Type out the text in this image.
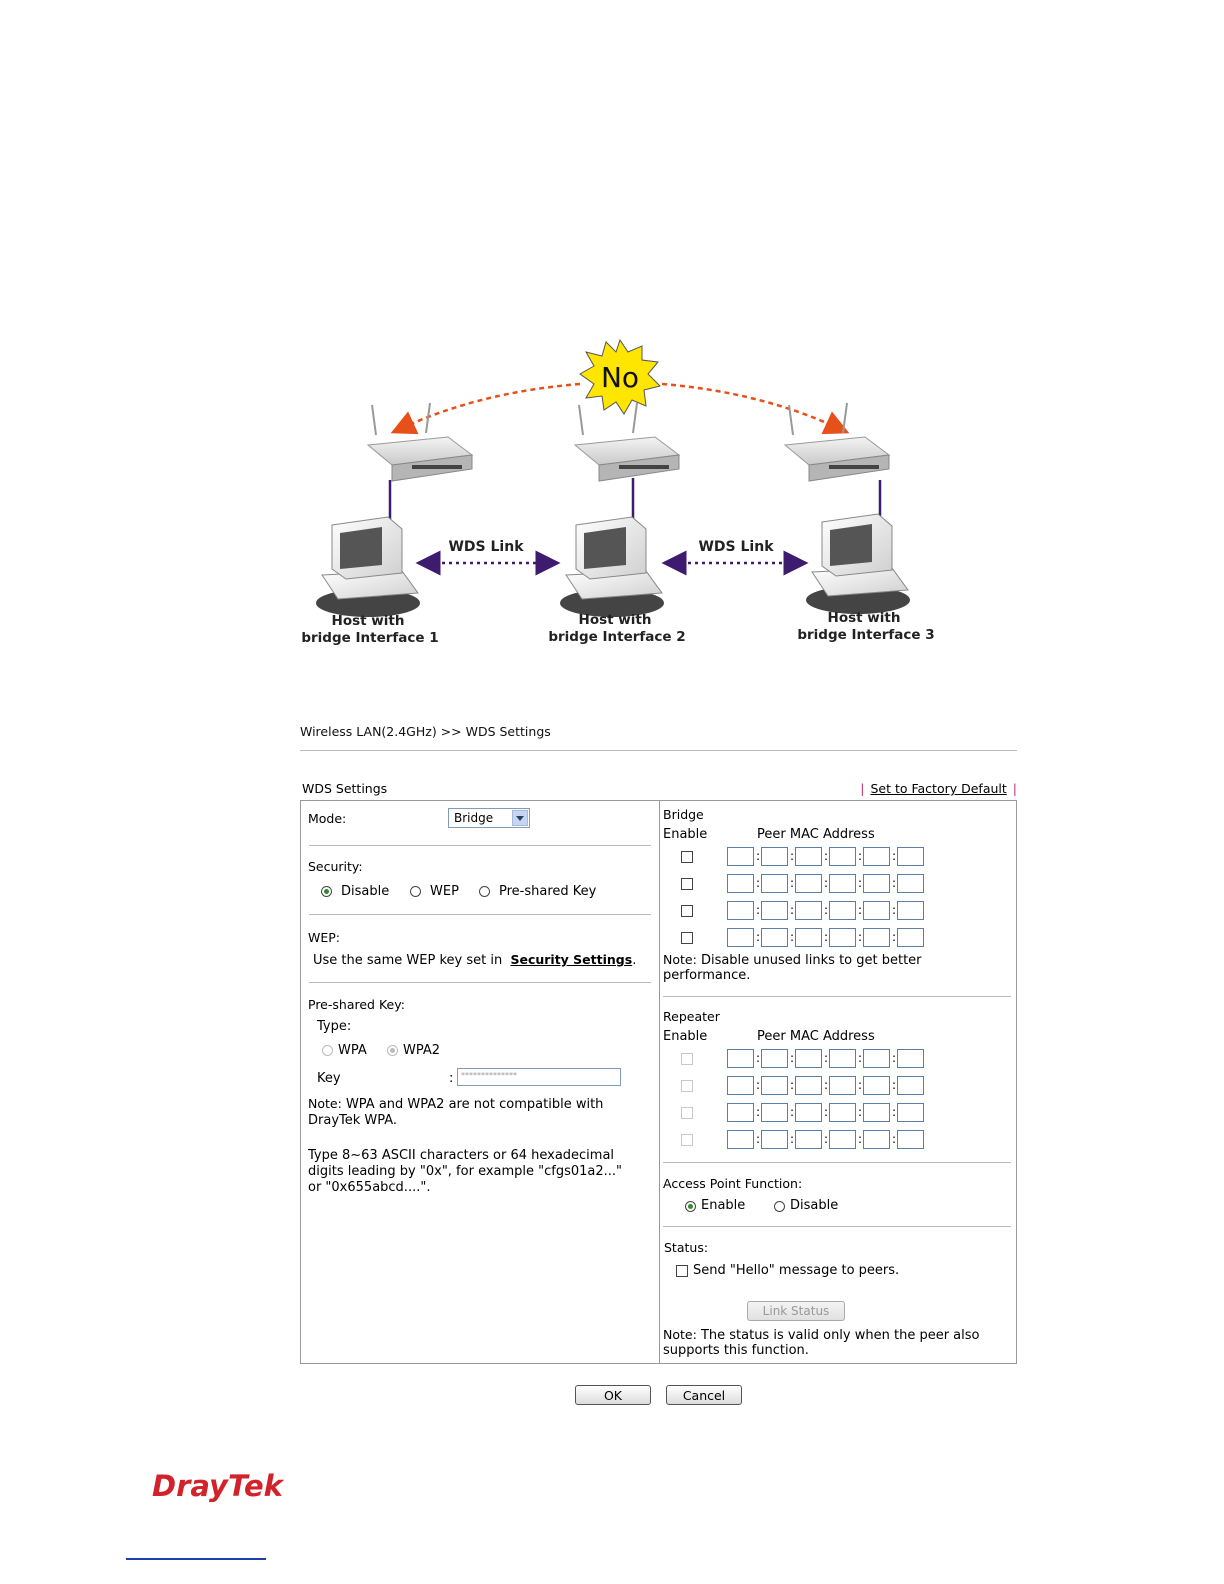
No
WDS Link	WDS Link
Host with
bridge Interface 1
Host with
bridge Interface 2
Host with
bridge Interface 3
Wireless LAN(2.4GHz) >> WDS Settings
WDS Settings	| Set to Factory Default |
Mode:	Bridge
Security:
Disable	WEP	Pre-shared Key
WEP:
Use the same WEP key set in Security Settings.
Pre-shared Key:
Type:
WPA	WPA2
Key	: **************
Note: WPA and WPA2 are not compatible with
DrayTek WPA.
Type 8~63 ASCII characters or 64 hexadecimal
digits leading by "0x", for example "cfgs01a2..."
or "0x655abcd....".
Bridge
Enable	Peer MAC Address
: : : : :
: : : : :
: : : : :
: : : : :
Note: Disable unused links to get better
performance.
Repeater
Enable	Peer MAC Address
: : : : :
: : : : :
: : : : :
: : : : :
Access Point Function:
Enable	Disable
Status:
Send "Hello" message to peers.
Link Status
Note: The status is valid only when the peer also
supports this function.
OK	Cancel
DrayTek
